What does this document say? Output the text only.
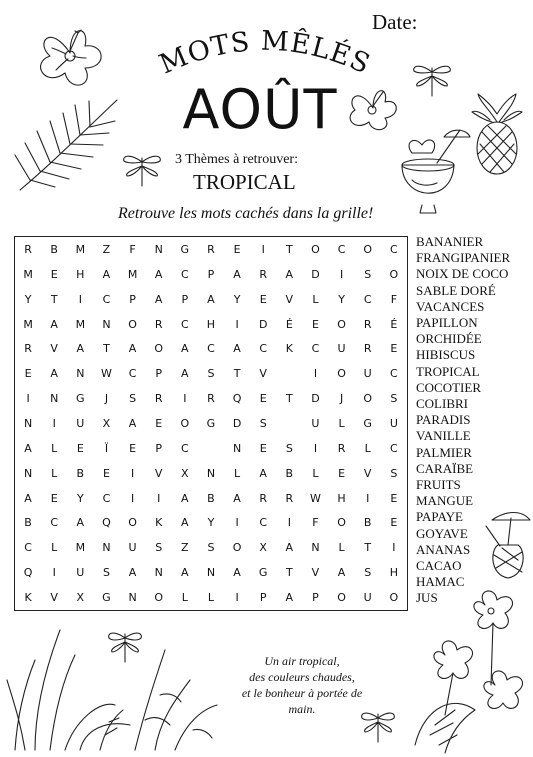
MOTS MÊLÉS
Date:
AOÛT
3 Thèmes à retrouver:
TROPICAL
Retrouve les mots cachés dans la grille!
R	B	M	Z	F	N	G	R	E	I	T	O	C	O	C
M	E	H	A	M	A	C	P	A	R	A	D	I	S	O
Y	T	I	C	P	A	P	A	Y	E	V	L	Y	C	F
M	A	M	N	O	R	C	H	I	D	É	E	O	R	É
R	V	A	T	A	O	A	C	A	C	K	C	U	R	E
E	A	N	W	C	P	A	S	T	V		I	O	U	C
I	N	G	J	S	R	I	R	Q	E	T	D	J	O	S
N	I	U	X	A	E	O	G	D	S		U	L	G	U
A	L	E	Ï	E	P	C		N	E	S	I	R	L	C
N	L	B	E	I	V	X	N	L	A	B	L	E	V	S
A	E	Y	C	I	I	A	B	A	R	R	W	H	I	E
B	C	A	Q	O	K	A	Y	I	C	I	F	O	B	E
C	L	M	N	U	S	Z	S	O	X	A	N	L	T	I
Q	I	U	S	A	N	A	N	A	G	T	V	A	S	H
K	V	X	G	N	O	L	L	I	P	A	P	O	U	O
BANANIER
FRANGIPANIER
NOIX DE COCO
SABLE DORÉ
VACANCES
PAPILLON
ORCHIDÉE
HIBISCUS
TROPICAL
COCOTIER
COLIBRI
PARADIS
VANILLE
PALMIER
CARAÏBE
FRUITS
MANGUE
PAPAYE
GOYAVE
ANANAS
CACAO
HAMAC
JUS
Un air tropical,
des couleurs chaudes,
et le bonheur à portée de
main.
